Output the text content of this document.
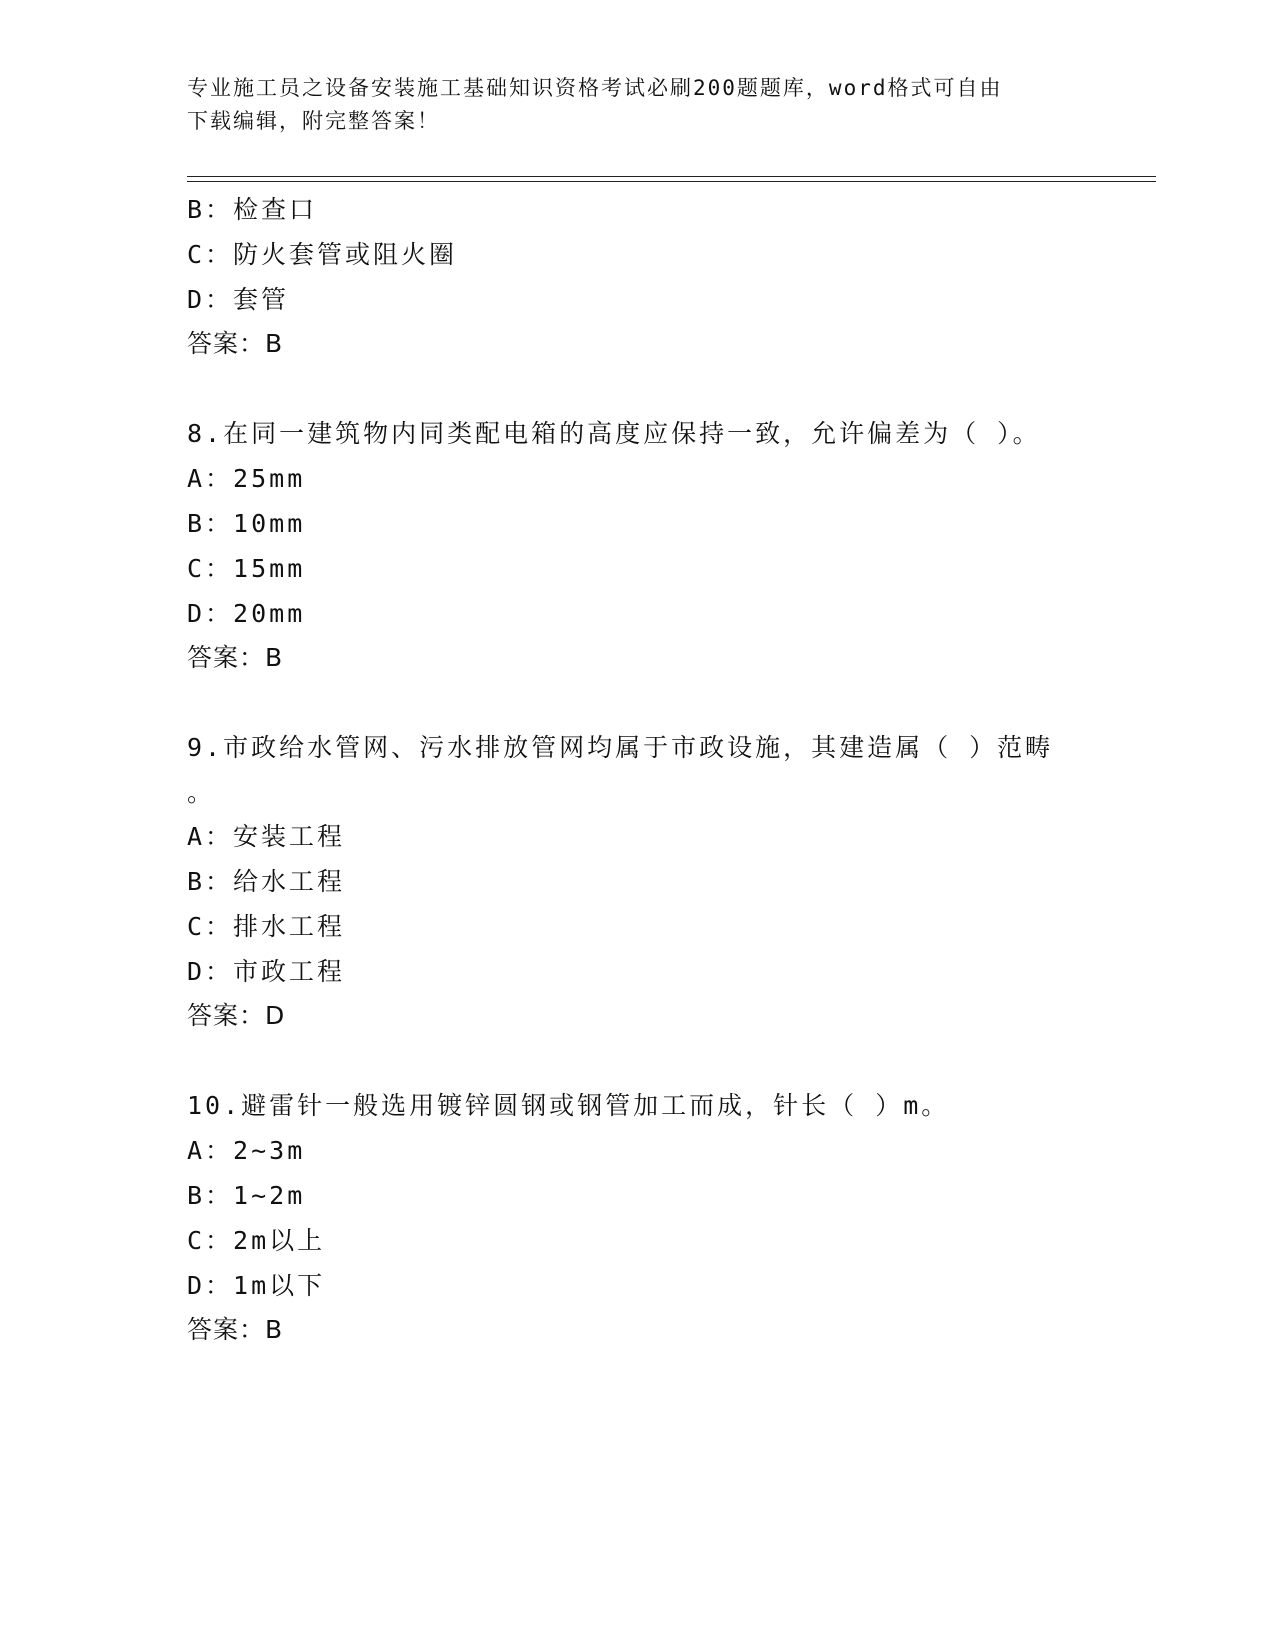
专业施工员之设备安装施工基础知识资格考试必刷200题题库，word格式可自由
下载编辑，附完整答案！
B：检查口
C：防火套管或阻火圈
D：套管
答案：B
8.在同一建筑物内同类配电箱的高度应保持一致，允许偏差为（ ）。
A：25mm
B：10mm
C：15mm
D：20mm
答案：B
9.市政给水管网、污水排放管网均属于市政设施，其建造属（ ）范畴
。
A：安装工程
B：给水工程
C：排水工程
D：市政工程
答案：D
10.避雷针一般选用镀锌圆钢或钢管加工而成，针长（ ）m。
A：2~3m
B：1~2m
C：2m以上
D：1m以下
答案：B
